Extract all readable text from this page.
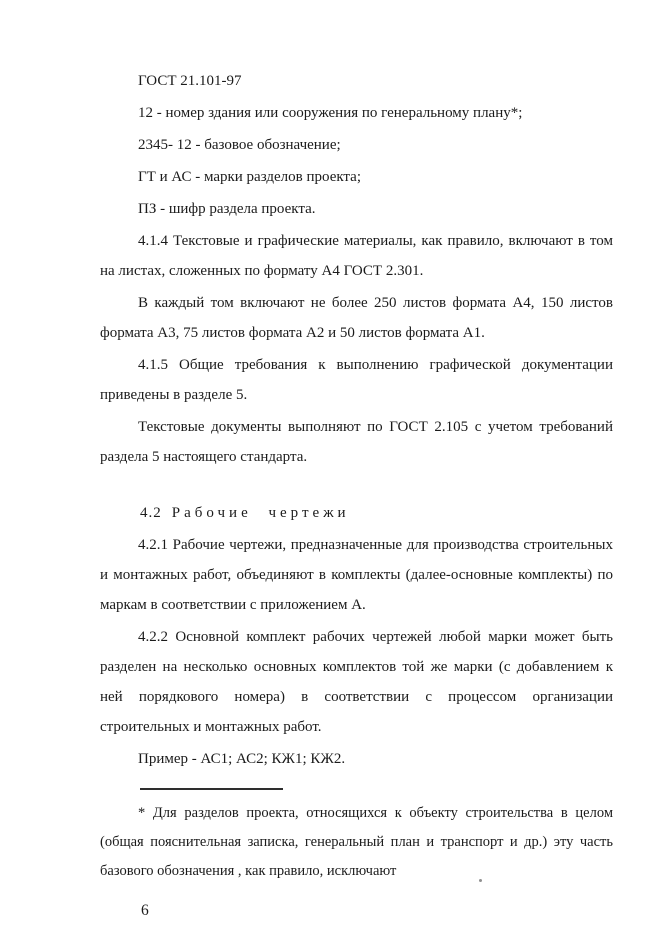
ГОСТ 21.101-97

12 - номер здания или сооружения по генеральному плану*;

2345- 12 - базовое обозначение;

ГТ и АС - марки разделов проекта;

ПЗ - шифр раздела проекта.

4.1.4 Текстовые и графические материалы, как правило, включают в том на листах, сложенных по формату А4 ГОСТ 2.301.

В каждый том включают не более 250 листов формата А4, 150 листов формата А3, 75 листов формата А2 и 50 листов формата А1.

4.1.5 Общие требования к выполнению графической документации приведены в разделе 5.

Текстовые документы выполняют по ГОСТ 2.105 с учетом требований раздела 5 настоящего стандарта.

4.2 Рабочие чертежи

4.2.1 Рабочие чертежи, предназначенные для производства строительных и монтажных работ, объединяют в комплекты (далее-основные комплекты) по маркам в соответствии с приложением А.

4.2.2 Основной комплект рабочих чертежей любой марки может быть разделен на несколько основных комплектов той же марки (с добавлением к ней порядкового номера) в соответствии с процессом организации строительных и монтажных работ.

Пример - АС1; АС2; КЖ1; КЖ2.

* Для разделов проекта, относящихся к объекту строительства в целом (общая пояснительная записка, генеральный план и транспорт и др.) эту часть базового обозначения , как правило, исключают

6
